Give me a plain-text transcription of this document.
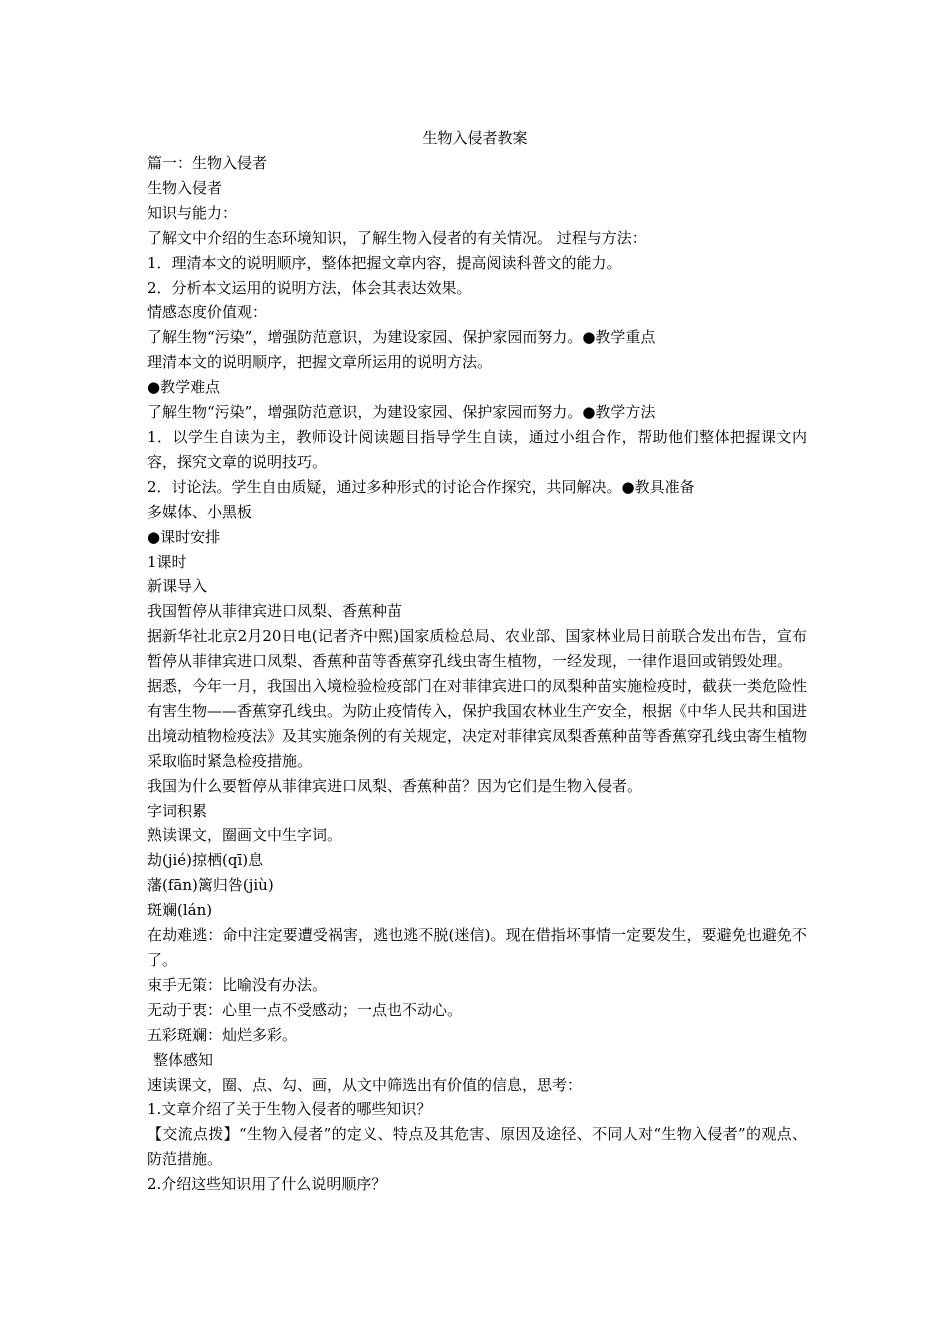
生物入侵者教案

篇一：生物入侵者

生物入侵者

知识与能力：

了解文中介绍的生态环境知识，了解生物入侵者的有关情况。 过程与方法：

1．理清本文的说明顺序，整体把握文章内容，提高阅读科普文的能力。

2．分析本文运用的说明方法，体会其表达效果。

情感态度价值观：

了解生物“污染”，增强防范意识，为建设家园、保护家园而努力。●教学重点

理清本文的说明顺序，把握文章所运用的说明方法。

●教学难点

了解生物“污染”，增强防范意识，为建设家园、保护家园而努力。●教学方法

1．以学生自读为主，教师设计阅读题目指导学生自读，通过小组合作，帮助他们整体把握课文内容，探究文章的说明技巧。

2．讨论法。学生自由质疑，通过多种形式的讨论合作探究，共同解决。●教具准备

多媒体、小黑板

●课时安排

1课时

新课导入

我国暂停从菲律宾进口凤梨、香蕉种苗

据新华社北京2月20日电(记者齐中熙)国家质检总局、农业部、国家林业局日前联合发出布告，宣布暂停从菲律宾进口凤梨、香蕉种苗等香蕉穿孔线虫寄生植物，一经发现，一律作退回或销毁处理。

据悉，今年一月，我国出入境检验检疫部门在对菲律宾进口的凤梨种苗实施检疫时，截获一类危险性有害生物——香蕉穿孔线虫。为防止疫情传入，保护我国农林业生产安全，根据《中华人民共和国进出境动植物检疫法》及其实施条例的有关规定，决定对菲律宾凤梨香蕉种苗等香蕉穿孔线虫寄生植物采取临时紧急检疫措施。

我国为什么要暂停从菲律宾进口凤梨、香蕉种苗？因为它们是生物入侵者。

字词积累

熟读课文，圈画文中生字词。

劫(jié)掠栖(qī)息

藩(fān)篱归咎(jiù)

斑斓(lán)

在劫难逃：命中注定要遭受祸害，逃也逃不脱(迷信)。现在借指坏事情一定要发生，要避免也避免不了。

束手无策：比喻没有办法。

无动于衷：心里一点不受感动；一点也不动心。

五彩斑斓：灿烂多彩。

整体感知

速读课文，圈、点、勾、画，从文中筛选出有价值的信息，思考：

1.文章介绍了关于生物入侵者的哪些知识？

【交流点拨】“生物入侵者”的定义、特点及其危害、原因及途径、不同人对“生物入侵者”的观点、防范措施。

2.介绍这些知识用了什么说明顺序？
